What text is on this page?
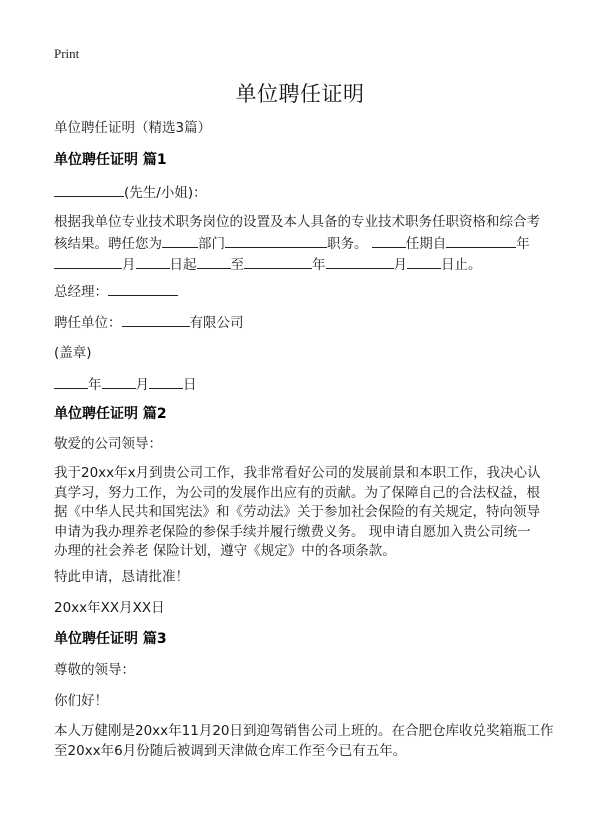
Print
单位聘任证明
单位聘任证明（精选3篇）
单位聘任证明 篇1
(先生/小姐)：
根据我单位专业技术职务岗位的设置及本人具备的专业技术职务任职资格和综合考
核结果。聘任您为	部门	职务。	任期自	年
月	日起	至	年	月	日止。
总经理：
聘任单位：	有限公司
(盖章)
年	月	日
单位聘任证明 篇2
敬爱的公司领导：
我于20xx年x月到贵公司工作，我非常看好公司的发展前景和本职工作，我决心认
真学习，努力工作，为公司的发展作出应有的贡献。为了保障自己的合法权益，根
据《中华人民共和国宪法》和《劳动法》关于参加社会保险的有关规定，特向领导
申请为我办理养老保险的参保手续并履行缴费义务。 现申请自愿加入贵公司统一
办理的社会养老 保险计划，遵守《规定》中的各项条款。
特此申请，恳请批准！
20xx年XX月XX日
单位聘任证明 篇3
尊敬的领导：
你们好！
本人万健刚是20xx年11月20日到迎驾销售公司上班的。在合肥仓库收兑奖箱瓶工作
至20xx年6月份随后被调到天津做仓库工作至今已有五年。
